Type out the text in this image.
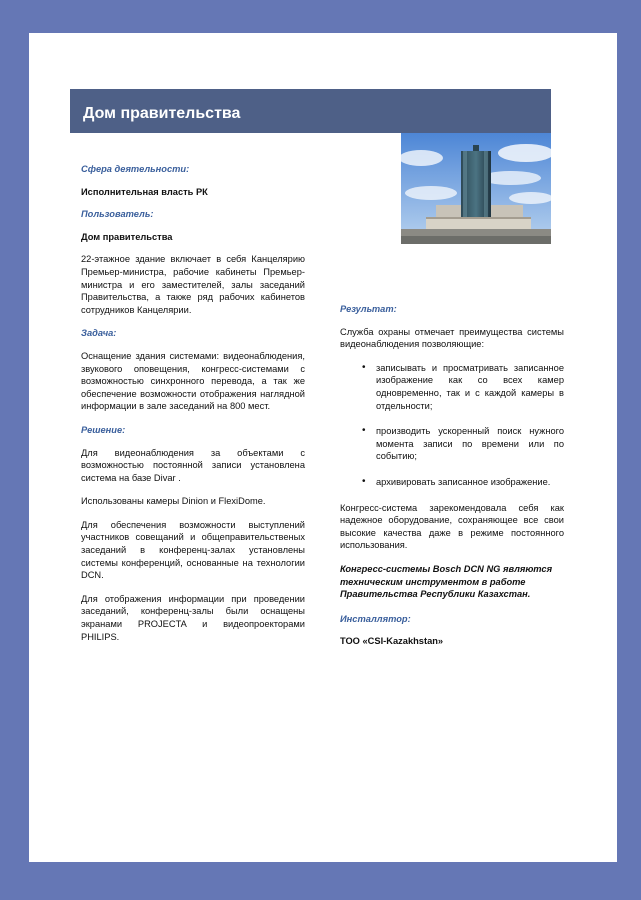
Дом правительства
Сфера деятельности:
Исполнительная власть РК
Пользователь:
Дом правительства
22-этажное здание включает в себя Канцелярию Премьер-министра, рабочие кабинеты Премьер-министра и его заместителей, залы заседаний Правительства, а также ряд рабочих кабинетов сотрудников Канцелярии.
Задача:
Оснащение здания системами: видеонаблюдения, звукового оповещения, конгресс-системами с возможностью синхронного перевода, а так же обеспечение возможности отображения наглядной информации в зале заседаний на 800 мест.
Решение:
Для видеонаблюдения за объектами с возможностью постоянной записи установлена система на базе Divar .
Использованы камеры Dinion и FlexiDome.
Для обеспечения возможности выступлений участников совещаний и общеправительственых заседаний в конференц-залах установлены системы конференций, основанные на технологии DCN.
Для отображения информации при проведении заседаний, конференц-залы были оснащены экранами PROJECTA и видеопроекторами PHILIPS.
Результат:
Служба охраны отмечает преимущества системы видеонаблюдения позволяющие:
• записывать и просматривать записанное изображение как со всех камер одновременно, так и с каждой камеры в отдельности;
• производить ускоренный поиск нужного момента записи по времени или по событию;
• архивировать записанное изображение.
Конгресс-система зарекомендовала себя как надежное оборудование, сохраняющее все свои высокие качества даже в режиме постоянного использования.
Конгресс-системы Bosch DCN NG являются техническим инструментом в работе Правительства Республики Казахстан.
Инсталлятор:
ТОО «CSI-Kazakhstan»
